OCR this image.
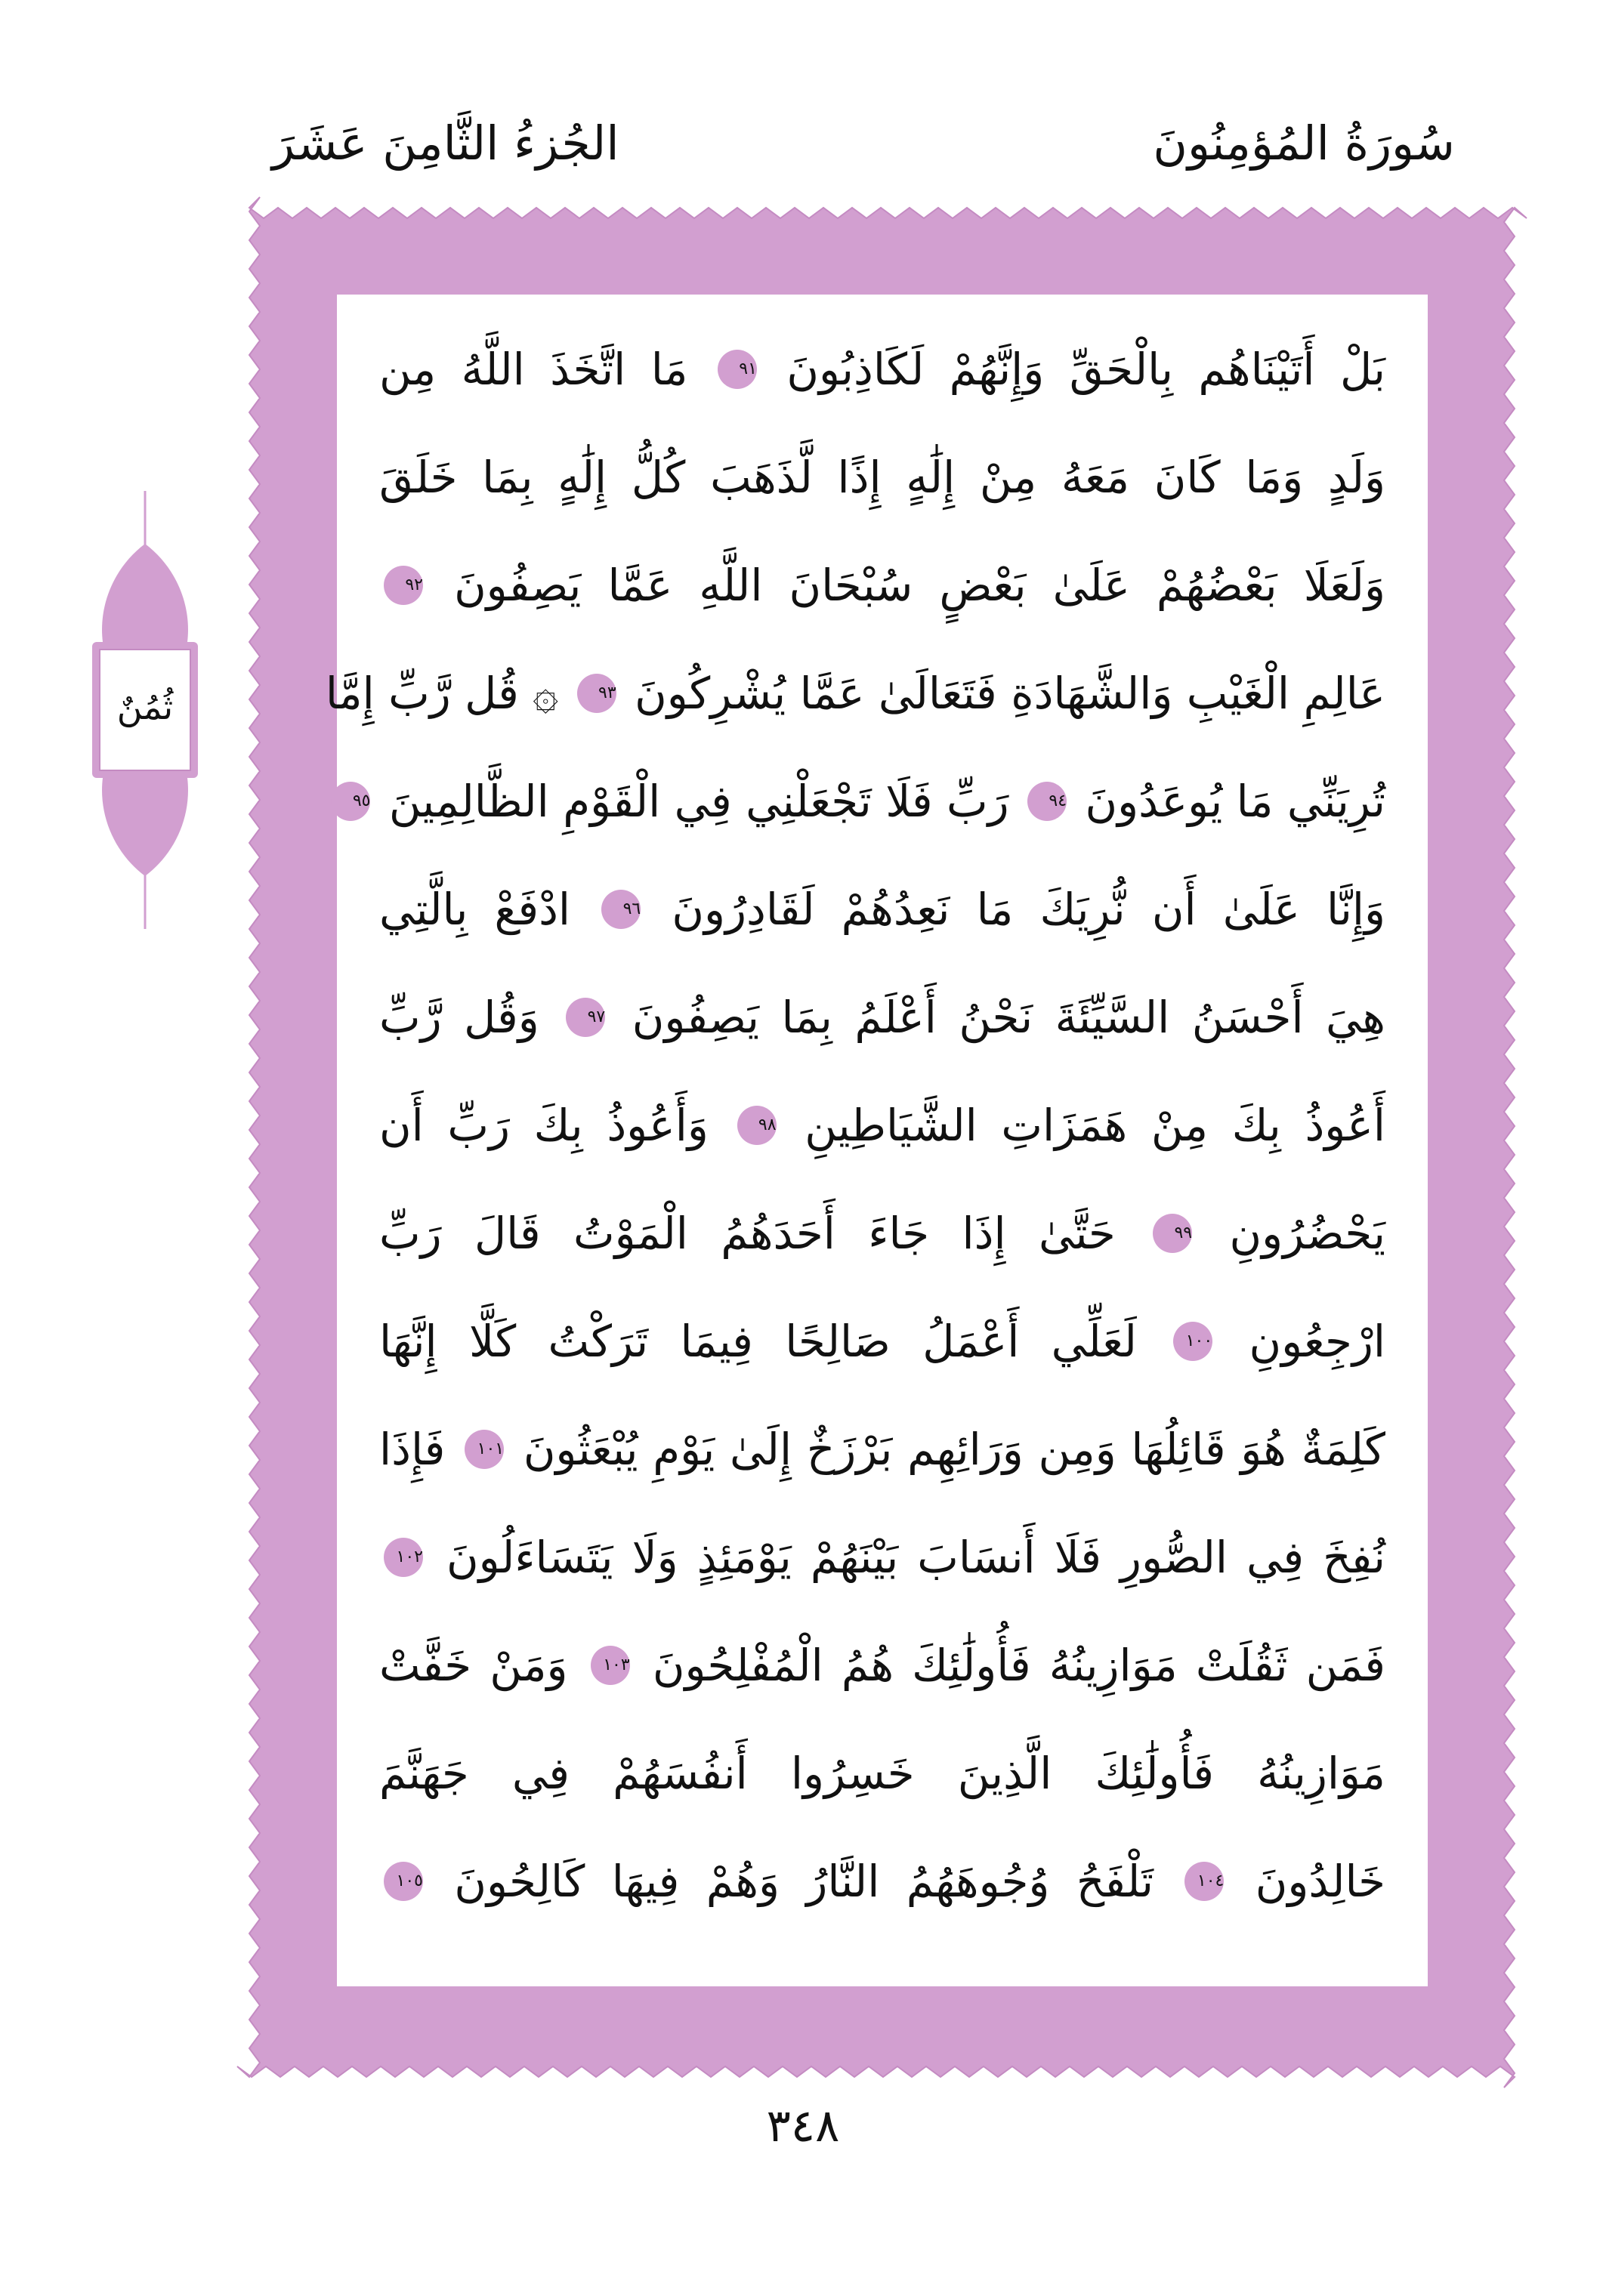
سُورَةُ المُؤمِنُونَ
الجُزءُ الثَّامِنَ عَشَرَ
بَلْ أَتَيْنَاهُم بِالْحَقِّ وَإِنَّهُمْ لَكَاذِبُونَ ٩١ مَا اتَّخَذَ اللَّهُ مِن
وَلَدٍ وَمَا كَانَ مَعَهُ مِنْ إِلَٰهٍ إِذًا لَّذَهَبَ كُلُّ إِلَٰهٍ بِمَا خَلَقَ
وَلَعَلَا بَعْضُهُمْ عَلَىٰ بَعْضٍ سُبْحَانَ اللَّهِ عَمَّا يَصِفُونَ ٩٢
عَالِمِ الْغَيْبِ وَالشَّهَادَةِ فَتَعَالَىٰ عَمَّا يُشْرِكُونَ ٩٣ ۞ قُل رَّبِّ إِمَّا
تُرِيَنِّي مَا يُوعَدُونَ ٩٤ رَبِّ فَلَا تَجْعَلْنِي فِي الْقَوْمِ الظَّالِمِينَ ٩٥
وَإِنَّا عَلَىٰ أَن نُّرِيَكَ مَا نَعِدُهُمْ لَقَادِرُونَ ٩٦ ادْفَعْ بِالَّتِي
هِيَ أَحْسَنُ السَّيِّئَةَ نَحْنُ أَعْلَمُ بِمَا يَصِفُونَ ٩٧ وَقُل رَّبِّ
أَعُوذُ بِكَ مِنْ هَمَزَاتِ الشَّيَاطِينِ ٩٨ وَأَعُوذُ بِكَ رَبِّ أَن
يَحْضُرُونِ ٩٩ حَتَّىٰ إِذَا جَاءَ أَحَدَهُمُ الْمَوْتُ قَالَ رَبِّ
ارْجِعُونِ ١٠٠ لَعَلِّي أَعْمَلُ صَالِحًا فِيمَا تَرَكْتُ كَلَّا إِنَّهَا
كَلِمَةٌ هُوَ قَائِلُهَا وَمِن وَرَائِهِم بَرْزَخٌ إِلَىٰ يَوْمِ يُبْعَثُونَ ١٠١ فَإِذَا
نُفِخَ فِي الصُّورِ فَلَا أَنسَابَ بَيْنَهُمْ يَوْمَئِذٍ وَلَا يَتَسَاءَلُونَ ١٠٢
فَمَن ثَقُلَتْ مَوَازِينُهُ فَأُولَٰئِكَ هُمُ الْمُفْلِحُونَ ١٠٣ وَمَنْ خَفَّتْ
مَوَازِينُهُ فَأُولَٰئِكَ الَّذِينَ خَسِرُوا أَنفُسَهُمْ فِي جَهَنَّمَ
خَالِدُونَ ١٠٤ تَلْفَحُ وُجُوهَهُمُ النَّارُ وَهُمْ فِيهَا كَالِحُونَ ١٠٥
ثُمُنٌ
٣٤٨
